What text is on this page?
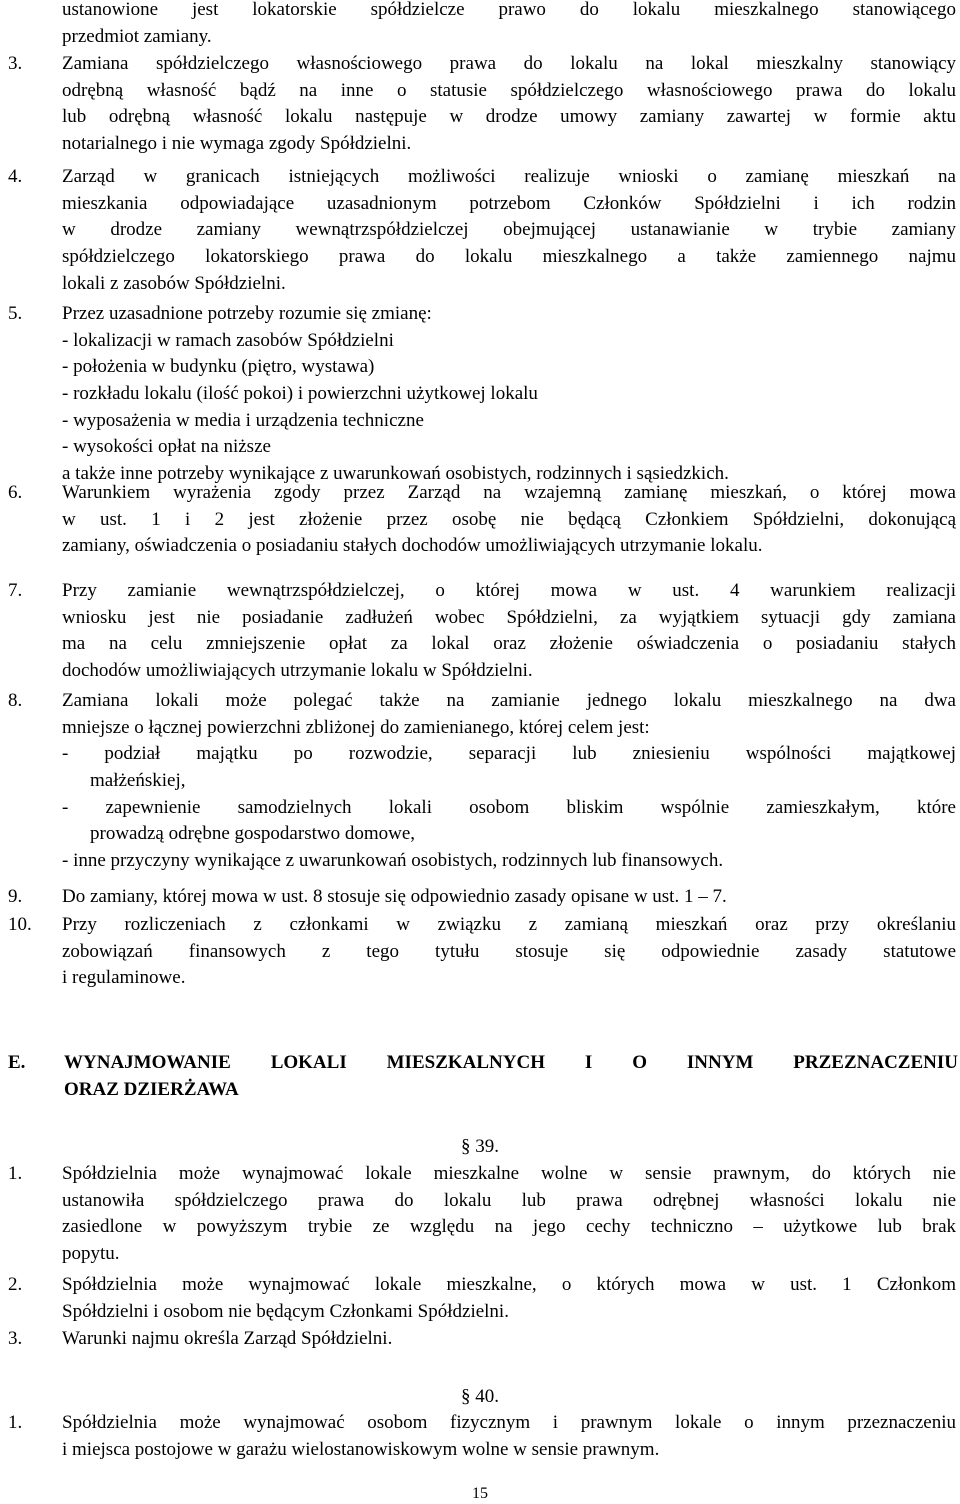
ustanowione jest lokatorskie spółdzielcze prawo do lokalu mieszkalnego stanowiącego
przedmiot zamiany.
3. Zamiana spółdzielczego własnościowego prawa do lokalu na lokal mieszkalny stanowiący
odrębną własność bądź na inne o statusie spółdzielczego własnościowego prawa do lokalu
lub odrębną własność lokalu następuje w drodze umowy zamiany zawartej w formie aktu
notarialnego i nie wymaga zgody Spółdzielni.
4. Zarząd w granicach istniejących możliwości realizuje wnioski o zamianę mieszkań na
mieszkania odpowiadające uzasadnionym potrzebom Członków Spółdzielni i ich rodzin
w drodze zamiany wewnątrzspółdzielczej obejmującej ustanawianie w trybie zamiany
spółdzielczego lokatorskiego prawa do lokalu mieszkalnego a także zamiennego najmu
lokali z zasobów Spółdzielni.
5. Przez uzasadnione potrzeby rozumie się zmianę:
- lokalizacji w ramach zasobów Spółdzielni
- położenia w budynku (piętro, wystawa)
- rozkładu lokalu (ilość pokoi) i powierzchni użytkowej lokalu
- wyposażenia w media i urządzenia techniczne
- wysokości opłat na niższe
a także inne potrzeby wynikające z uwarunkowań osobistych, rodzinnych i sąsiedzkich.
6. Warunkiem wyrażenia zgody przez Zarząd na wzajemną zamianę mieszkań, o której mowa
w ust. 1 i 2 jest złożenie przez osobę nie będącą Członkiem Spółdzielni, dokonującą
zamiany, oświadczenia o posiadaniu stałych dochodów umożliwiających utrzymanie lokalu.
7. Przy zamianie wewnątrzspółdzielczej, o której mowa w ust. 4 warunkiem realizacji
wniosku jest nie posiadanie zadłużeń wobec Spółdzielni, za wyjątkiem sytuacji gdy zamiana
ma na celu zmniejszenie opłat za lokal oraz złożenie oświadczenia o posiadaniu stałych
dochodów umożliwiających utrzymanie lokalu w Spółdzielni.
8. Zamiana lokali może polegać także na zamianie jednego lokalu mieszkalnego na dwa
mniejsze o łącznej powierzchni zbliżonej do zamienianego, której celem jest:
- podział majątku po rozwodzie, separacji lub zniesieniu wspólności majątkowej
małżeńskiej,
- zapewnienie samodzielnych lokali osobom bliskim wspólnie zamieszkałym, które
prowadzą odrębne gospodarstwo domowe,
- inne przyczyny wynikające z uwarunkowań osobistych, rodzinnych lub finansowych.
9. Do zamiany, której mowa w ust. 8 stosuje się odpowiednio zasady opisane w ust. 1 – 7.
10. Przy rozliczeniach z członkami w związku z zamianą mieszkań oraz przy określaniu
zobowiązań finansowych z tego tytułu stosuje się odpowiednie zasady statutowe
i regulaminowe.
E. WYNAJMOWANIE LOKALI MIESZKALNYCH I O INNYM PRZEZNACZENIU
ORAZ DZIERŻAWA
§ 39.
1. Spółdzielnia może wynajmować lokale mieszkalne wolne w sensie prawnym, do których nie
ustanowiła spółdzielczego prawa do lokalu lub prawa odrębnej własności lokalu nie
zasiedlone w powyższym trybie ze względu na jego cechy techniczno – użytkowe lub brak
popytu.
2. Spółdzielnia może wynajmować lokale mieszkalne, o których mowa w ust. 1 Członkom
Spółdzielni i osobom nie będącym Członkami Spółdzielni.
3. Warunki najmu określa Zarząd Spółdzielni.
§ 40.
1. Spółdzielnia może wynajmować osobom fizycznym i prawnym lokale o innym przeznaczeniu
i miejsca postojowe w garażu wielostanowiskowym wolne w sensie prawnym.
15
